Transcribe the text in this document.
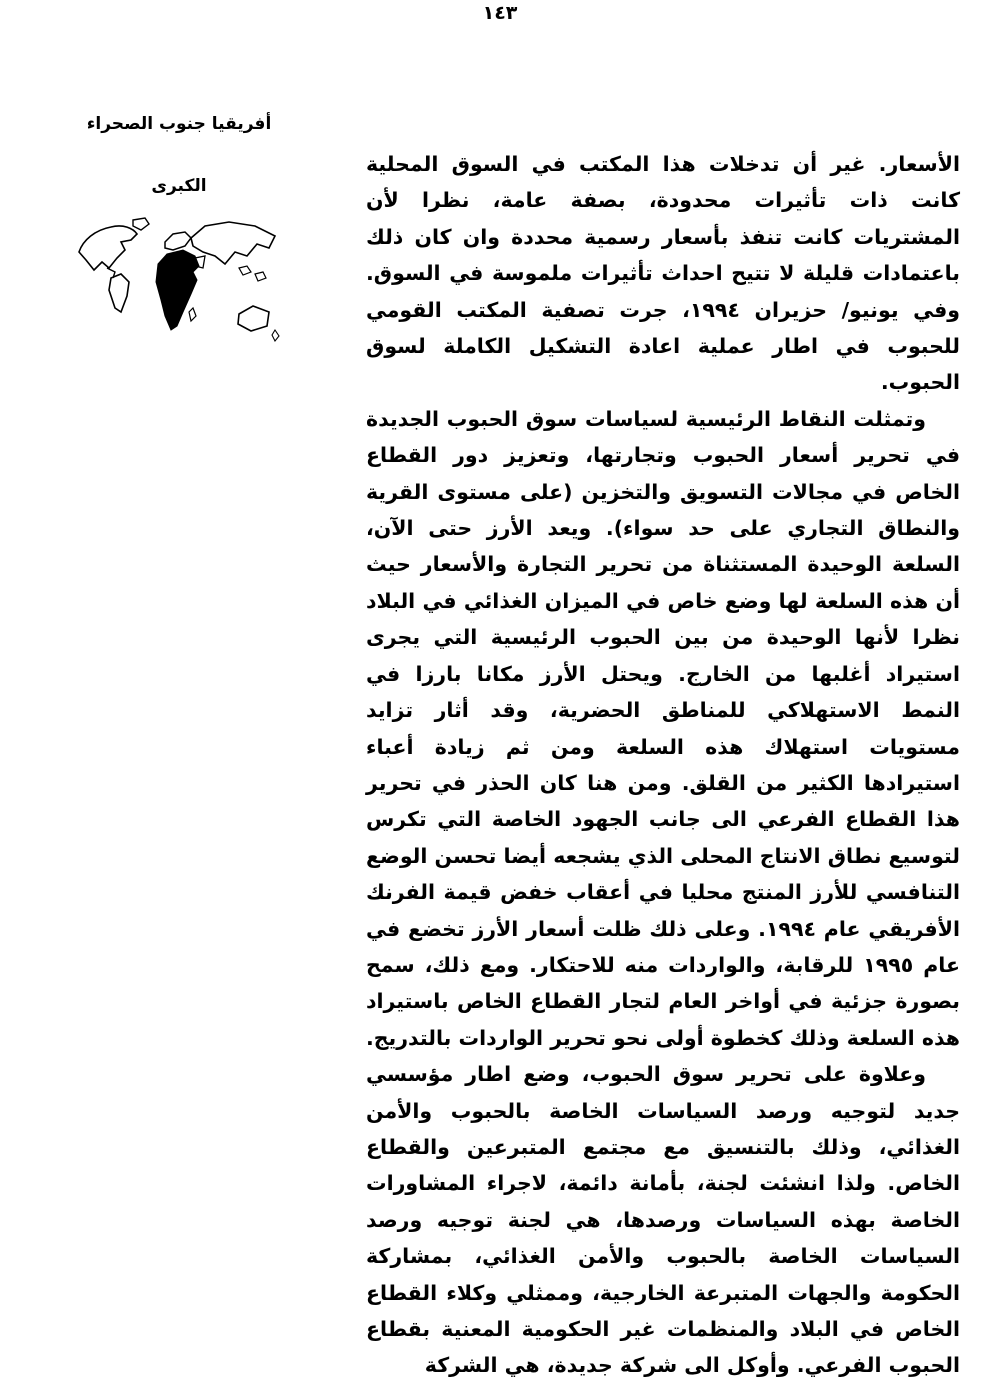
١٤٣

أفريقيا جنوب الصحراء

الكبرى

الأسعار. غير أن تدخلات هذا المكتب في السوق المحلية كانت ذات تأثيرات محدودة، بصفة عامة، نظرا لأن المشتريات كانت تنفذ بأسعار رسمية محددة وان كان ذلك باعتمادات قليلة لا تتيح احداث تأثيرات ملموسة في السوق. وفي يونيو/ حزيران ١٩٩٤، جرت تصفية المكتب القومي للحبوب في اطار عملية اعادة التشكيل الكاملة لسوق الحبوب.

وتمثلت النقاط الرئيسية لسياسات سوق الحبوب الجديدة في تحرير أسعار الحبوب وتجارتها، وتعزيز دور القطاع الخاص في مجالات التسويق والتخزين (على مستوى القرية والنطاق التجاري على حد سواء). ويعد الأرز حتى الآن، السلعة الوحيدة المستثناة من تحرير التجارة والأسعار حيث أن هذه السلعة لها وضع خاص في الميزان الغذائي في البلاد نظرا لأنها الوحيدة من بين الحبوب الرئيسية التي يجرى استيراد أغلبها من الخارج. ويحتل الأرز مكانا بارزا في النمط الاستهلاكي للمناطق الحضرية، وقد أثار تزايد مستويات استهلاك هذه السلعة ومن ثم زيادة أعباء استيرادها الكثير من القلق. ومن هنا كان الحذر في تحرير هذا القطاع الفرعي الى جانب الجهود الخاصة التي تكرس لتوسيع نطاق الانتاج المحلى الذي يشجعه أيضا تحسن الوضع التنافسي للأرز المنتج محليا في أعقاب خفض قيمة الفرنك الأفريقي عام ١٩٩٤. وعلى ذلك ظلت أسعار الأرز تخضع في عام ١٩٩٥ للرقابة، والواردات منه للاحتكار. ومع ذلك، سمح بصورة جزئية في أواخر العام لتجار القطاع الخاص باستيراد هذه السلعة وذلك كخطوة أولى نحو تحرير الواردات بالتدريج.

وعلاوة على تحرير سوق الحبوب، وضع اطار مؤسسي جديد لتوجيه ورصد السياسات الخاصة بالحبوب والأمن الغذائي، وذلك بالتنسيق مع مجتمع المتبرعين والقطاع الخاص. ولذا انشئت لجنة، بأمانة دائمة، لاجراء المشاورات الخاصة بهذه السياسات ورصدها، هي لجنة توجيه ورصد السياسات الخاصة بالحبوب والأمن الغذائي، بمشاركة الحكومة والجهات المتبرعة الخارجية، وممثلي وكلاء القطاع الخاص في البلاد والمنظمات غير الحكومية المعنية بقطاع الحبوب الفرعي. وأوكل الى شركة جديدة، هي الشركة
